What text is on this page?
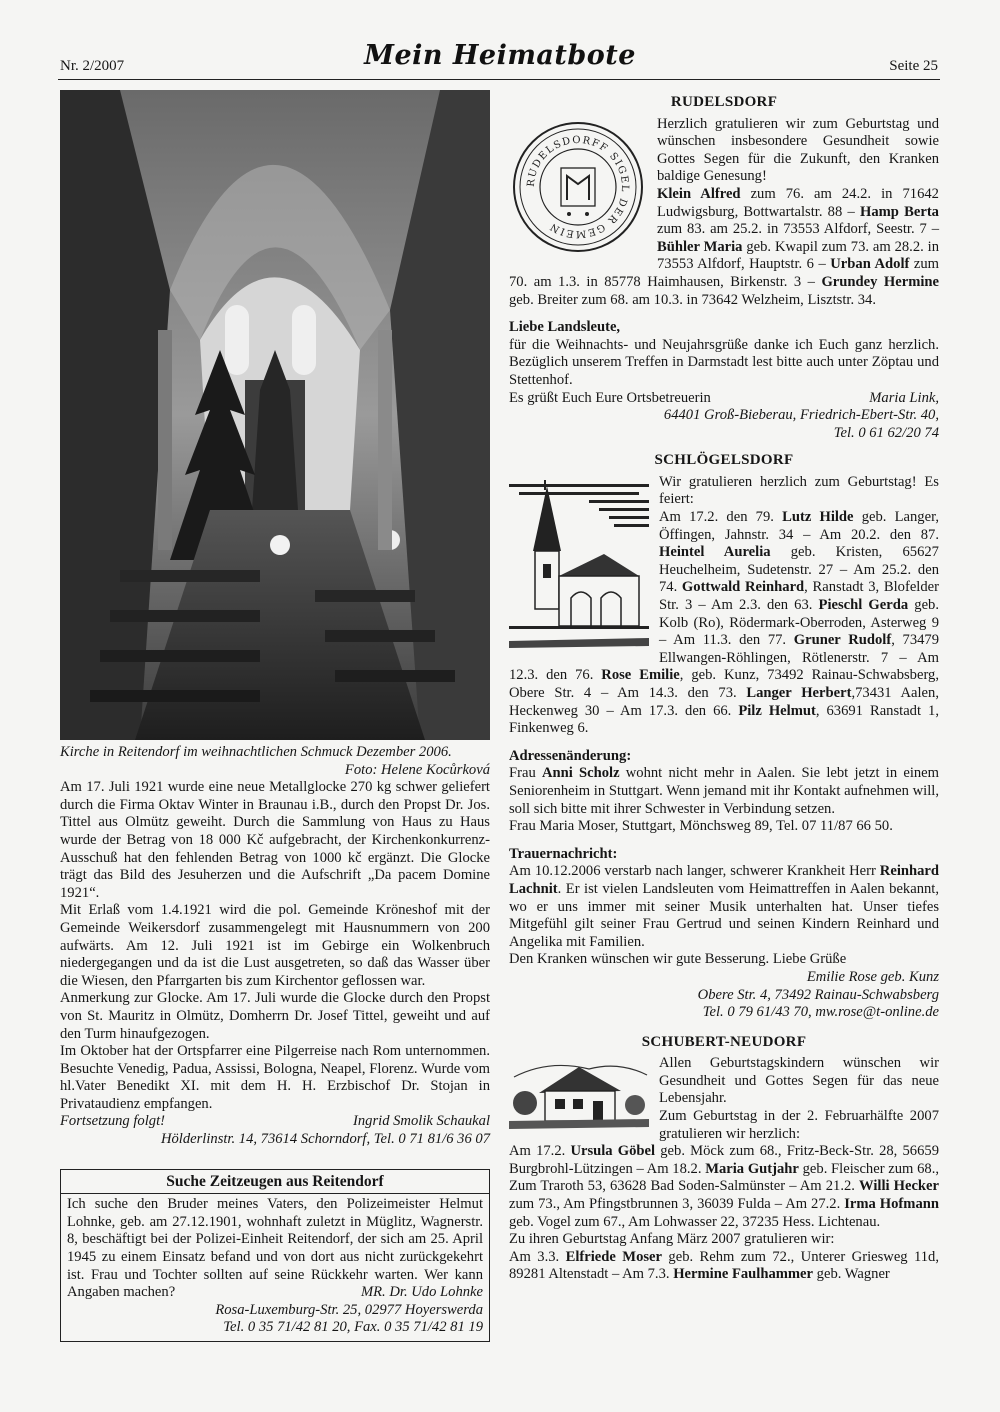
Nr. 2/2007	Mein Heimatbote	Seite 25
Kirche in Reitendorf im weihnachtlichen Schmuck Dezember 2006.
Foto: Helene Kocůrková

Am 17. Juli 1921 wurde eine neue Metallglocke 270 kg schwer geliefert durch die Firma Oktav Winter in Braunau i.B., durch den Propst Dr. Jos. Tittel aus Olmütz geweiht. Durch die Sammlung von Haus zu Haus wurde der Betrag von 18 000 Kč aufgebracht, der Kirchenkonkurrenz-Ausschuß hat den fehlenden Betrag von 1000 kč ergänzt. Die Glocke trägt das Bild des Jesuherzen und die Aufschrift „Da pacem Domine 1921“.

Mit Erlaß vom 1.4.1921 wird die pol. Gemeinde Kröneshof mit der Gemeinde Weikersdorf zusammengelegt mit Hausnummern von 200 aufwärts. Am 12. Juli 1921 ist im Gebirge ein Wolkenbruch niedergegangen und da ist die Lust ausgetreten, so daß das Wasser über die Wiesen, den Pfarrgarten bis zum Kirchentor geflossen war.

Anmerkung zur Glocke. Am 17. Juli wurde die Glocke durch den Propst von St. Mauritz in Olmütz, Domherrn Dr. Josef Tittel, geweiht und auf den Turm hinaufgezogen.

Im Oktober hat der Ortspfarrer eine Pilgerreise nach Rom unternommen. Besuchte Venedig, Padua, Assissi, Bologna, Neapel, Florenz. Wurde vom hl.Vater Benedikt XI. mit dem H. H. Erzbischof Dr. Stojan in Privataudienz empfangen.

Fortsetzung folgt!	Ingrid Smolik Schaukal

Hölderlinstr. 14, 73614 Schorndorf, Tel. 0 71 81/6 36 07

Suche Zeitzeugen aus Reitendorf

Ich suche den Bruder meines Vaters, den Polizeimeister Helmut Lohnke, geb. am 27.12.1901, wohnhaft zuletzt in Müglitz, Wagnerstr. 8, beschäftigt bei der Polizei-Einheit Reitendorf, der sich am 25. April 1945 zu einem Einsatz befand und von dort aus nicht zurückgekehrt ist. Frau und Tochter sollten auf seine Rückkehr warten. Wer kann Angaben machen?	MR. Dr. Udo Lohnke

Rosa-Luxemburg-Str. 25, 02977 Hoyerswerda

Tel. 0 35 71/42 81 20, Fax. 0 35 71/42 81 19

RUDELSDORF
RUDELSDORFF SIGEL DER GEMEIN

Herzlich gratulieren wir zum Geburtstag und wünschen insbesondere Gesundheit sowie Gottes Segen für die Zukunft, den Kranken baldige Genesung!

Klein Alfred zum 76. am 24.2. in 71642 Ludwigsburg, Bottwartalstr. 88 – Hamp Berta zum 83. am 25.2. in 73553 Alfdorf, Seestr. 7 – Bühler Maria geb. Kwapil zum 73. am 28.2. in 73553 Alfdorf, Hauptstr. 6 – Urban Adolf zum 70. am 1.3. in 85778 Haimhausen, Birkenstr. 3 – Grundey Hermine geb. Breiter zum 68. am 10.3. in 73642 Welzheim, Lisztstr. 34.

Liebe Landsleute,

für die Weihnachts- und Neujahrsgrüße danke ich Euch ganz herzlich. Bezüglich unserem Treffen in Darmstadt lest bitte auch unter Zöptau und Stettenhof.

Es grüßt Euch Eure Ortsbetreuerin	Maria Link,

64401 Groß-Bieberau, Friedrich-Ebert-Str. 40,

Tel. 0 61 62/20 74

SCHLÖGELSDORF

Wir gratulieren herzlich zum Geburtstag! Es feiert:

Am 17.2. den 79. Lutz Hilde geb. Langer, Öffingen, Jahnstr. 34 – Am 20.2. den 87. Heintel Aurelia geb. Kristen, 65627 Heuchelheim, Sudetenstr. 27 – Am 25.2. den 74. Gottwald Reinhard, Ranstadt 3, Blofelder Str. 3 – Am 2.3. den 63. Pieschl Gerda geb. Kolb (Ro), Rödermark-Oberroden, Asterweg 9 – Am 11.3. den 77. Gruner Rudolf, 73479 Ellwangen-Röhlingen, Rötlenerstr. 7 – Am 12.3. den 76. Rose Emilie, geb. Kunz, 73492 Rainau-Schwabsberg, Obere Str. 4 – Am 14.3. den 73. Langer Herbert,73431 Aalen, Heckenweg 30 – Am 17.3. den 66. Pilz Helmut, 63691 Ranstadt 1, Finkenweg 6.

Adressenänderung:

Frau Anni Scholz wohnt nicht mehr in Aalen. Sie lebt jetzt in einem Seniorenheim in Stuttgart. Wenn jemand mit ihr Kontakt aufnehmen will, soll sich bitte mit ihrer Schwester in Verbindung setzen.

Frau Maria Moser, Stuttgart, Mönchsweg 89, Tel. 07 11/87 66 50.

Trauernachricht:

Am 10.12.2006 verstarb nach langer, schwerer Krankheit Herr Reinhard Lachnit. Er ist vielen Landsleuten vom Heimattreffen in Aalen bekannt, wo er uns immer mit seiner Musik unterhalten hat. Unser tiefes Mitgefühl gilt seiner Frau Gertrud und seinen Kindern Reinhard und Angelika mit Familien.

Den Kranken wünschen wir gute Besserung. Liebe Grüße

Emilie Rose geb. Kunz

Obere Str. 4, 73492 Rainau-Schwabsberg

Tel. 0 79 61/43 70, mw.rose@t-online.de

SCHUBERT-NEUDORF

Allen Geburtstagskindern wünschen wir Gesundheit und Gottes Segen für das neue Lebensjahr.

Zum Geburtstag in der 2. Februarhälfte 2007 gratulieren wir herzlich:

Am 17.2. Ursula Göbel geb. Möck zum 68., Fritz-Beck-Str. 28, 56659 Burgbrohl-Lützingen – Am 18.2. Maria Gutjahr geb. Fleischer zum 68., Zum Traroth 53, 63628 Bad Soden-Salmünster – Am 21.2. Willi Hecker zum 73., Am Pfingstbrunnen 3, 36039 Fulda – Am 27.2. Irma Hofmann geb. Vogel zum 67., Am Lohwasser 22, 37235 Hess. Lichtenau.

Zu ihren Geburtstag Anfang März 2007 gratulieren wir:

Am 3.3. Elfriede Moser geb. Rehm zum 72., Unterer Griesweg 11d, 89281 Altenstadt – Am 7.3. Hermine Faulhammer geb. Wagner
